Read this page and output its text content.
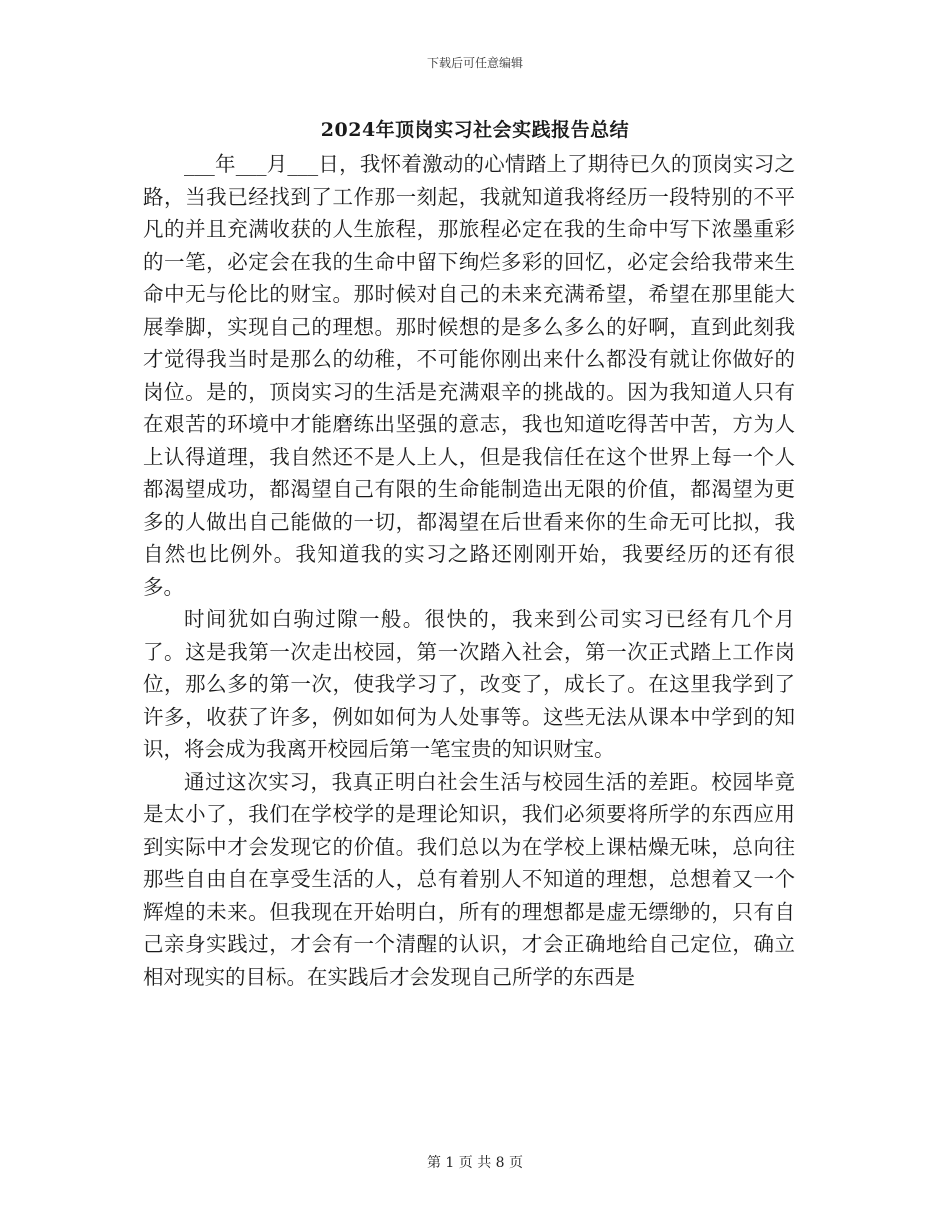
下载后可任意编辑
2024年顶岗实习社会实践报告总结

___年___月___日，我怀着激动的心情踏上了期待已久的顶岗实习之路，当我已经找到了工作那一刻起，我就知道我将经历一段特别的不平凡的并且充满收获的人生旅程，那旅程必定在我的生命中写下浓墨重彩的一笔，必定会在我的生命中留下绚烂多彩的回忆，必定会给我带来生命中无与伦比的财宝。那时候对自己的未来充满希望，希望在那里能大展拳脚，实现自己的理想。那时候想的是多么多么的好啊，直到此刻我才觉得我当时是那么的幼稚，不可能你刚出来什么都没有就让你做好的岗位。是的，顶岗实习的生活是充满艰辛的挑战的。因为我知道人只有在艰苦的环境中才能磨练出坚强的意志，我也知道吃得苦中苦，方为人上认得道理，我自然还不是人上人，但是我信任在这个世界上每一个人都渴望成功，都渴望自己有限的生命能制造出无限的价值，都渴望为更多的人做出自己能做的一切，都渴望在后世看来你的生命无可比拟，我自然也比例外。我知道我的实习之路还刚刚开始，我要经历的还有很多。

时间犹如白驹过隙一般。很快的，我来到公司实习已经有几个月了。这是我第一次走出校园，第一次踏入社会，第一次正式踏上工作岗位，那么多的第一次，使我学习了，改变了，成长了。在这里我学到了许多，收获了许多，例如如何为人处事等。这些无法从课本中学到的知识，将会成为我离开校园后第一笔宝贵的知识财宝。

通过这次实习，我真正明白社会生活与校园生活的差距。校园毕竟是太小了，我们在学校学的是理论知识，我们必须要将所学的东西应用到实际中才会发现它的价值。我们总以为在学校上课枯燥无味，总向往那些自由自在享受生活的人，总有着别人不知道的理想，总想着又一个辉煌的未来。但我现在开始明白，所有的理想都是虚无缥缈的，只有自己亲身实践过，才会有一个清醒的认识，才会正确地给自己定位，确立相对现实的目标。在实践后才会发现自己所学的东西是

第 1 页 共 8 页
